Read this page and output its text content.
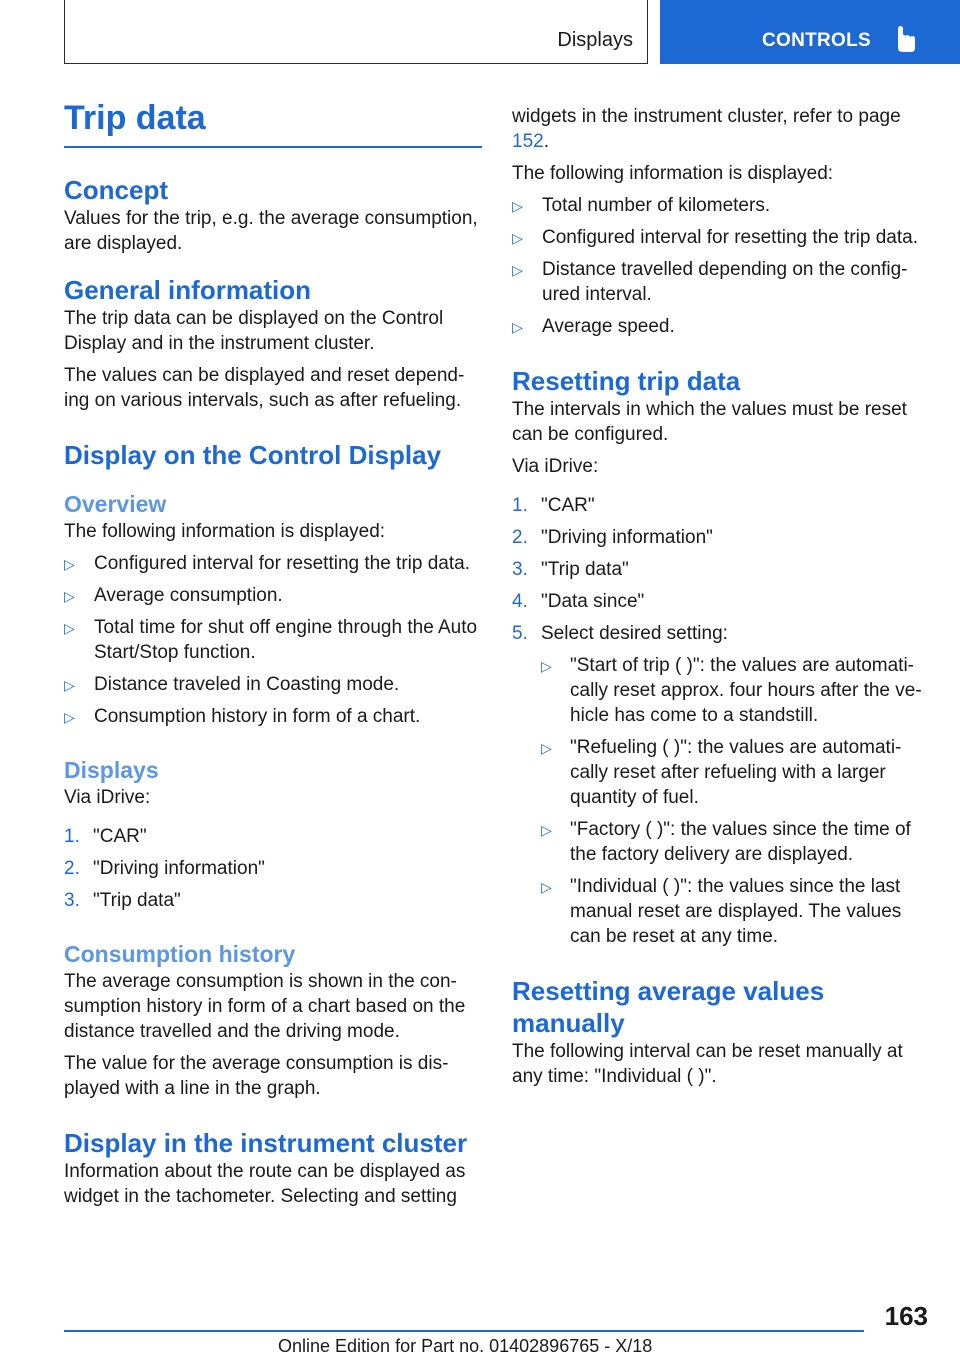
Displays	CONTROLS
Trip data
Concept

Values for the trip, e.g. the average consumption, are displayed.

General information

The trip data can be displayed on the Control Display and in the instrument cluster.

The values can be displayed and reset depend‐ing on various intervals, such as after refueling.

Display on the Control Display
Overview

The following information is displayed:

▷ Configured interval for resetting the trip data.
▷ Average consumption.
▷ Total time for shut off engine through the Auto Start/Stop function.
▷ Distance traveled in Coasting mode.
▷ Consumption history in form of a chart.
Displays

Via iDrive:

1. "CAR"
2. "Driving information"
3. "Trip data"
Consumption history

The average consumption is shown in the con‐sumption history in form of a chart based on the distance travelled and the driving mode.

The value for the average consumption is dis‐played with a line in the graph.

Display in the instrument cluster

Information about the route can be displayed as widget in the tachometer. Selecting and setting

widgets in the instrument cluster, refer to page 152.

The following information is displayed:

▷ Total number of kilometers.
▷ Configured interval for resetting the trip data.
▷ Distance travelled depending on the config‐ured interval.
▷ Average speed.
Resetting trip data

The intervals in which the values must be reset can be configured.

Via iDrive:

1. "CAR"
2. "Driving information"
3. "Trip data"
4. "Data since"
5. Select desired setting:
▷ "Start of trip ( )": the values are automati‐cally reset approx. four hours after the ve‐hicle has come to a standstill.
▷ "Refueling ( )": the values are automati‐cally reset after refueling with a larger quantity of fuel.
▷ "Factory ( )": the values since the time of the factory delivery are displayed.
▷ "Individual ( )": the values since the last manual reset are displayed. The values can be reset at any time.
Resetting average values manually

The following interval can be reset manually at any time: "Individual ( )".

163
Online Edition for Part no. 01402896765 - X/18
